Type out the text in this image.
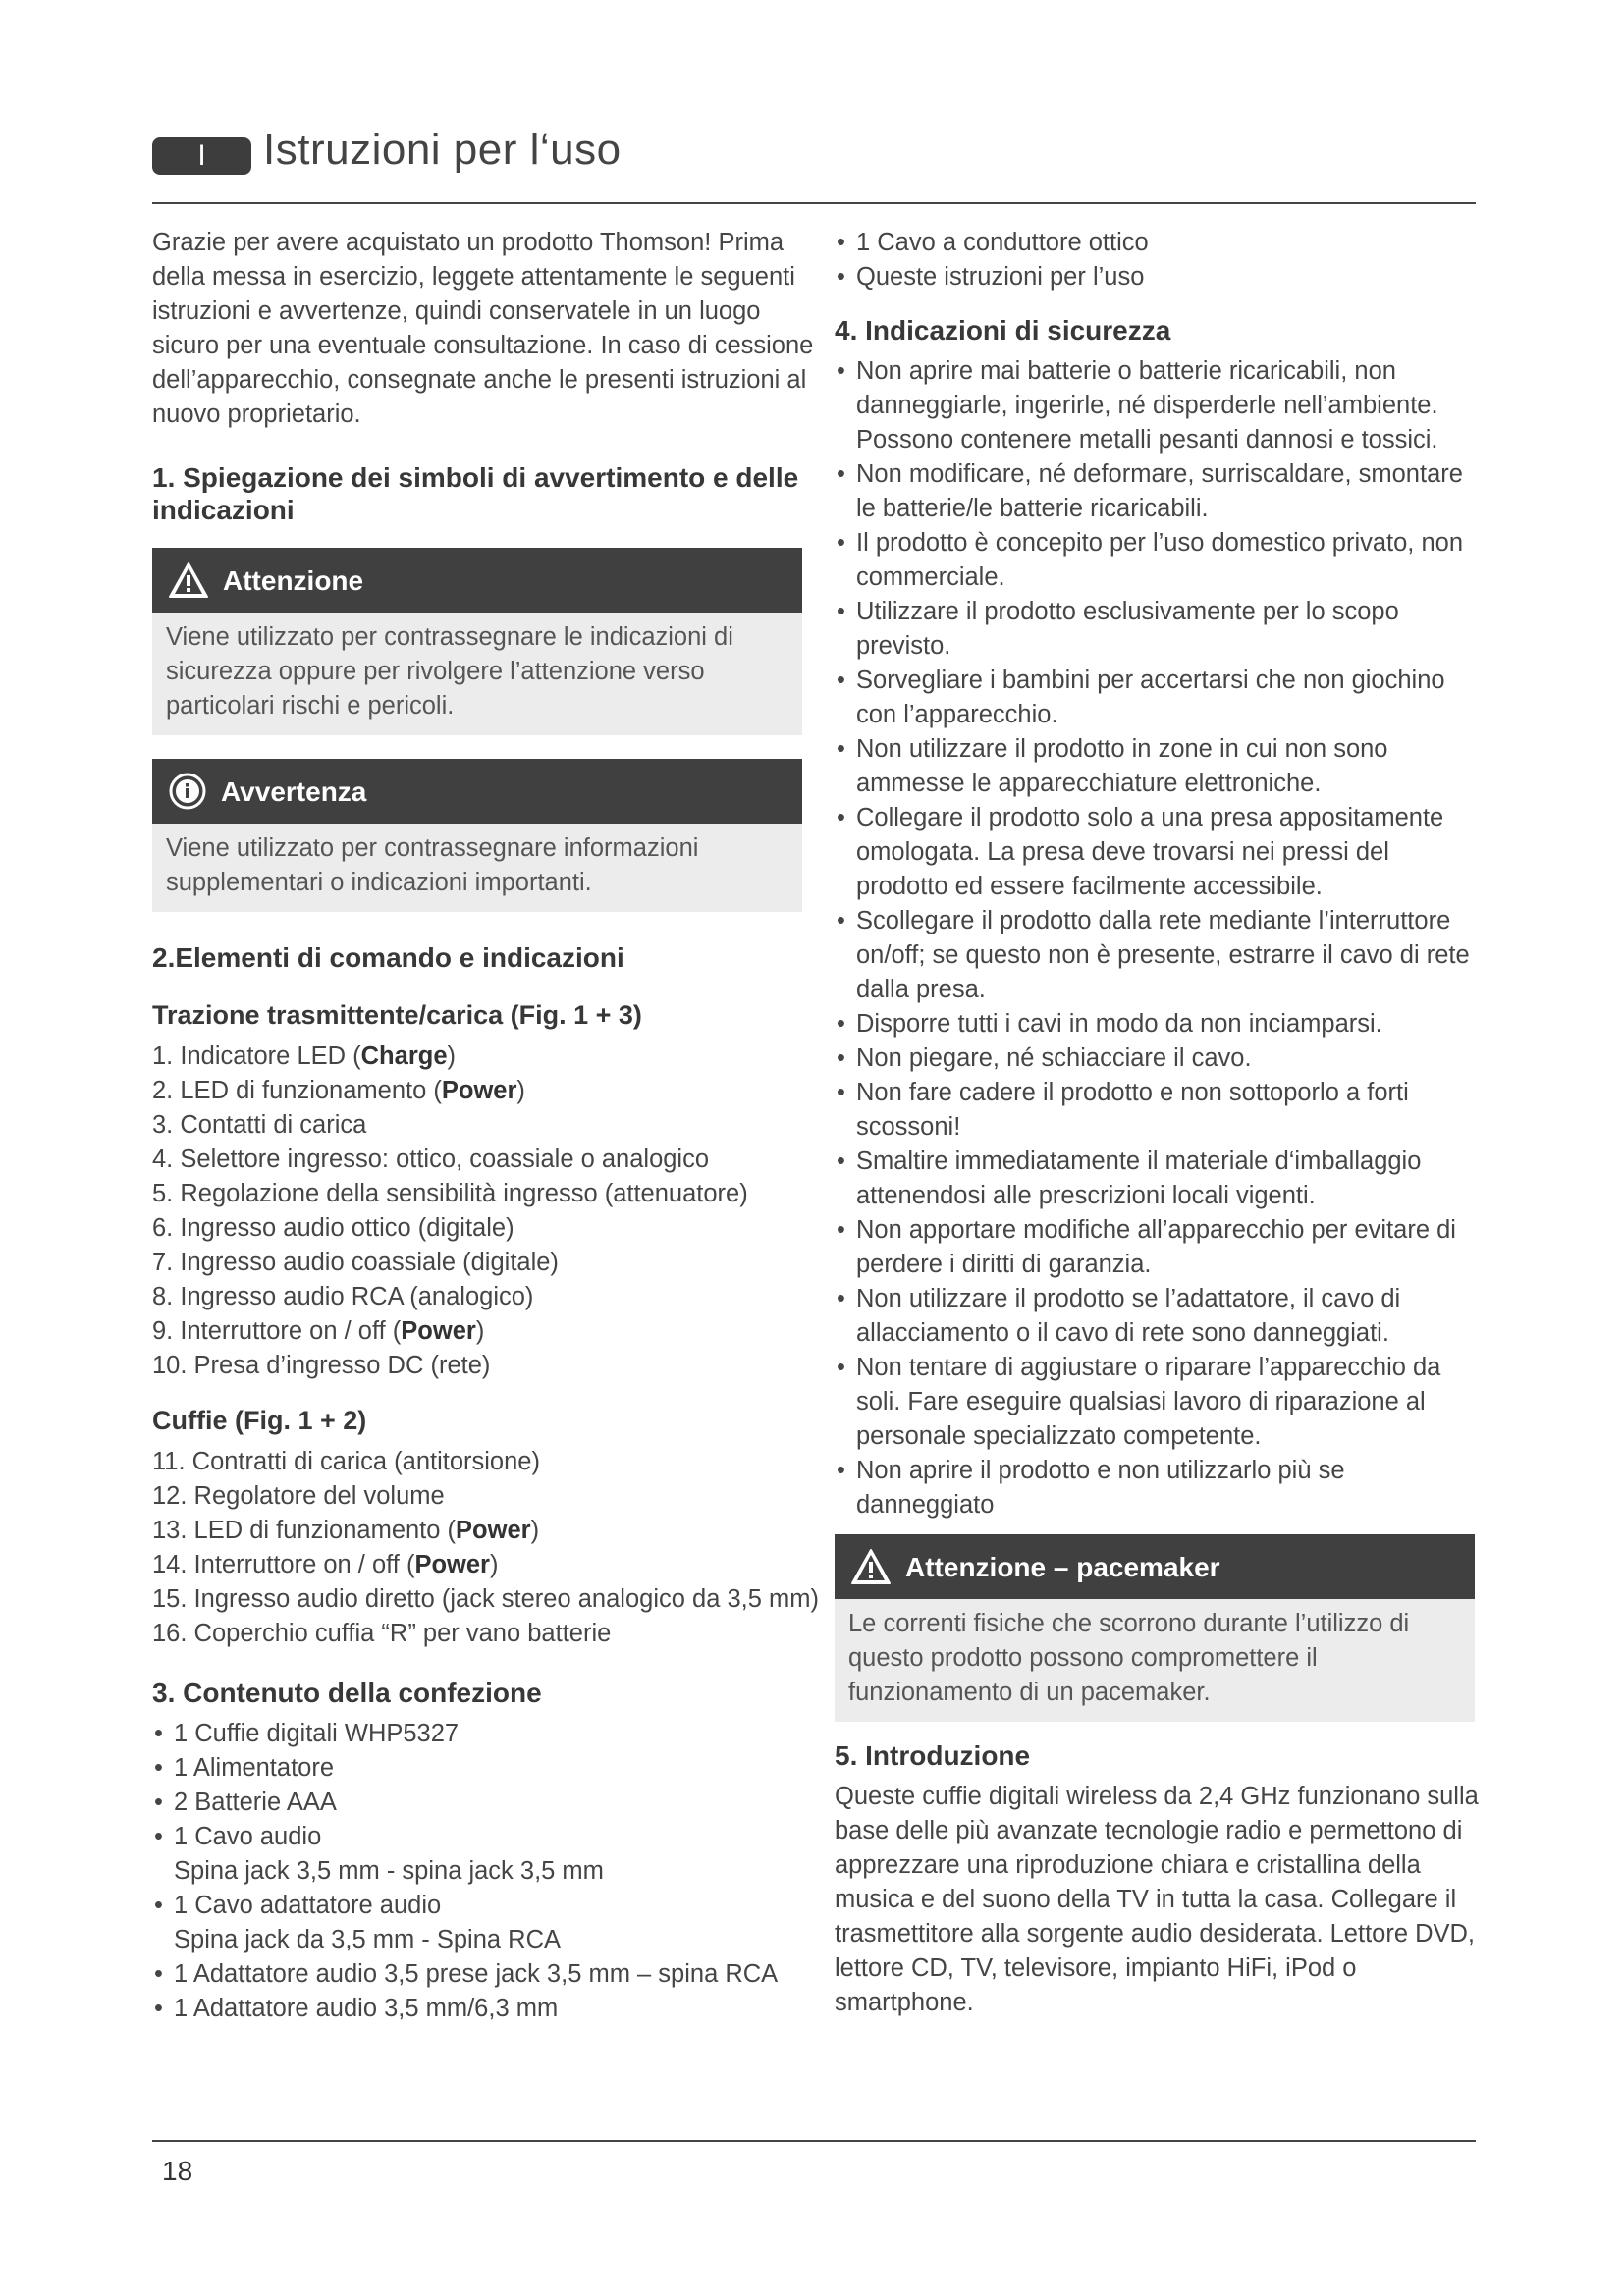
I	Istruzioni per l‘uso

Grazie per avere acquistato un prodotto Thomson! Prima della messa in esercizio, leggete attentamente le seguenti istruzioni e avvertenze, quindi conservatele in un luogo sicuro per una eventuale consultazione. In caso di cessione dell’apparecchio, consegnate anche le presenti istruzioni al nuovo proprietario.

1. Spiegazione dei simboli di avvertimento e delle indicazioni
Attenzione
Viene utilizzato per contrassegnare le indicazioni di sicurezza oppure per rivolgere l’attenzione verso particolari rischi e pericoli.
Avvertenza
Viene utilizzato per contrassegnare informazioni supplementari o indicazioni importanti.
2.Elementi di comando e indicazioni
Trazione trasmittente/carica (Fig. 1 + 3)
1. Indicatore LED (Charge)
2. LED di funzionamento (Power)
3. Contatti di carica
4. Selettore ingresso: ottico, coassiale o analogico
5. Regolazione della sensibilità ingresso (attenuatore)
6. Ingresso audio ottico (digitale)
7. Ingresso audio coassiale (digitale)
8. Ingresso audio RCA (analogico)
9. Interruttore on / off (Power)
10. Presa d’ingresso DC (rete)
Cuffie (Fig. 1 + 2)
11. Contratti di carica (antitorsione)
12. Regolatore del volume
13. LED di funzionamento (Power)
14. Interruttore on / off (Power)
15. Ingresso audio diretto (jack stereo analogico da 3,5 mm)
16. Coperchio cuffia “R” per vano batterie
3. Contenuto della confezione
• 1 Cuffie digitali WHP5327
• 1 Alimentatore
• 2 Batterie AAA
• 1 Cavo audio
Spina jack 3,5 mm - spina jack 3,5 mm
• 1 Cavo adattatore audio
Spina jack da 3,5 mm - Spina RCA
• 1 Adattatore audio 3,5 prese jack 3,5 mm – spina RCA
• 1 Adattatore audio 3,5 mm/6,3 mm
• 1 Cavo a conduttore ottico
• Queste istruzioni per l’uso
4. Indicazioni di sicurezza
• Non aprire mai batterie o batterie ricaricabili, non danneggiarle, ingerirle, né disperderle nell’ambiente. Possono contenere metalli pesanti dannosi e tossici.
• Non modificare, né deformare, surriscaldare, smontare le batterie/le batterie ricaricabili.
• Il prodotto è concepito per l’uso domestico privato, non commerciale.
• Utilizzare il prodotto esclusivamente per lo scopo previsto.
• Sorvegliare i bambini per accertarsi che non giochino con l’apparecchio.
• Non utilizzare il prodotto in zone in cui non sono ammesse le apparecchiature elettroniche.
• Collegare il prodotto solo a una presa appositamente omologata. La presa deve trovarsi nei pressi del prodotto ed essere facilmente accessibile.
• Scollegare il prodotto dalla rete mediante l’interruttore on/off; se questo non è presente, estrarre il cavo di rete dalla presa.
• Disporre tutti i cavi in modo da non inciamparsi.
• Non piegare, né schiacciare il cavo.
• Non fare cadere il prodotto e non sottoporlo a forti scossoni!
• Smaltire immediatamente il materiale d‘imballaggio attenendosi alle prescrizioni locali vigenti.
• Non apportare modifiche all’apparecchio per evitare di perdere i diritti di garanzia.
• Non utilizzare il prodotto se l’adattatore, il cavo di allacciamento o il cavo di rete sono danneggiati.
• Non tentare di aggiustare o riparare l’apparecchio da soli. Fare eseguire qualsiasi lavoro di riparazione al personale specializzato competente.
• Non aprire il prodotto e non utilizzarlo più se danneggiato
Attenzione – pacemaker
Le correnti fisiche che scorrono durante l’utilizzo di questo prodotto possono compromettere il funzionamento di un pacemaker.
5. Introduzione

Queste cuffie digitali wireless da 2,4 GHz funzionano sulla base delle più avanzate tecnologie radio e permettono di apprezzare una riproduzione chiara e cristallina della musica e del suono della TV in tutta la casa. Collegare il trasmettitore alla sorgente audio desiderata. Lettore DVD, lettore CD, TV, televisore, impianto HiFi, iPod o smartphone.

18
